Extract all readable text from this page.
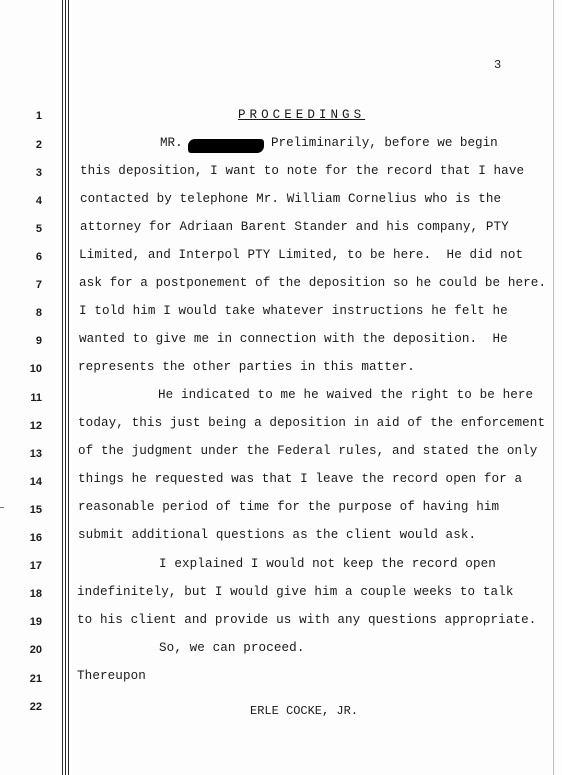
3
1
2
3
4
5
6
7
8
9
10
11
12
13
14
15
16
17
18
19
20
21
22
PROCEEDINGS
MR.	Preliminarily, before we begin
this deposition, I want to note for the record that I have
contacted by telephone Mr. William Cornelius who is the
attorney for Adriaan Barent Stander and his company, PTY
Limited, and Interpol PTY Limited, to be here.  He did not
ask for a postponement of the deposition so he could be here.
I told him I would take whatever instructions he felt he
wanted to give me in connection with the deposition.  He
represents the other parties in this matter.
He indicated to me he waived the right to be here
today, this just being a deposition in aid of the enforcement
of the judgment under the Federal rules, and stated the only
things he requested was that I leave the record open for a
reasonable period of time for the purpose of having him
submit additional questions as the client would ask.
I explained I would not keep the record open
indefinitely, but I would give him a couple weeks to talk
to his client and provide us with any questions appropriate.
So, we can proceed.
Thereupon
ERLE COCKE, JR.
